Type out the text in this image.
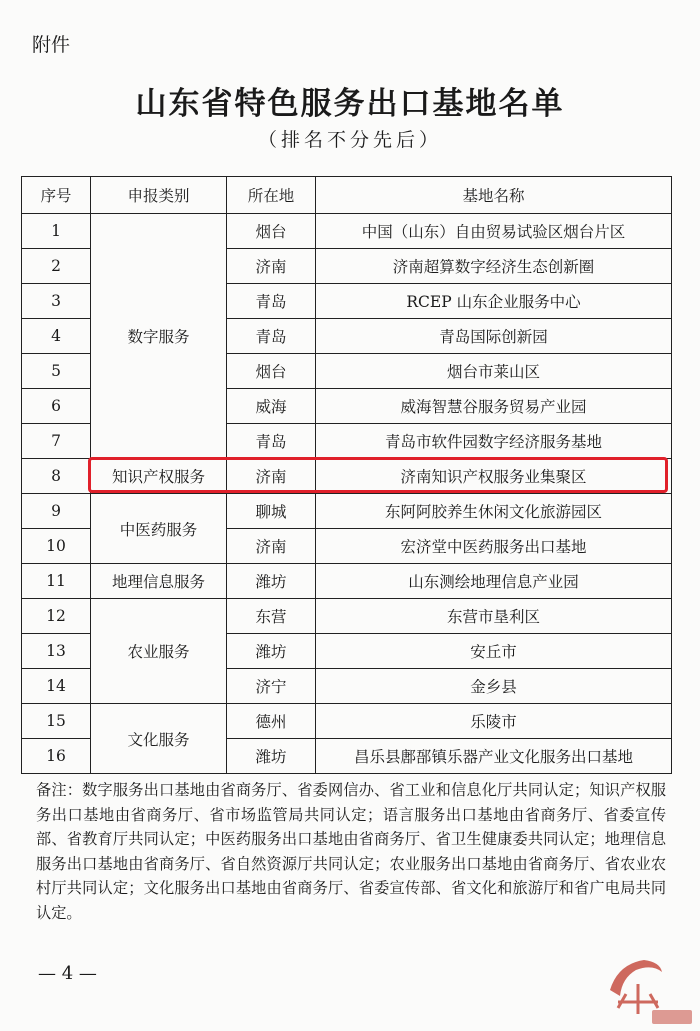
附件
山东省特色服务出口基地名单
（排名不分先后）
序号	申报类别	所在地	基地名称
1	数字服务	烟台	中国（山东）自由贸易试验区烟台片区
2		济南	济南超算数字经济生态创新圈
3		青岛	RCEP 山东企业服务中心
4		青岛	青岛国际创新园
5		烟台	烟台市莱山区
6		威海	威海智慧谷服务贸易产业园
7		青岛	青岛市软件园数字经济服务基地
8	知识产权服务	济南	济南知识产权服务业集聚区
9	中医药服务	聊城	东阿阿胶养生休闲文化旅游园区
10		济南	宏济堂中医药服务出口基地
11	地理信息服务	潍坊	山东测绘地理信息产业园
12	农业服务	东营	东营市垦利区
13		潍坊	安丘市
14		济宁	金乡县
15	文化服务	德州	乐陵市
16		潍坊	昌乐县鄌郚镇乐器产业文化服务出口基地
备注：数字服务出口基地由省商务厅、省委网信办、省工业和信息化厅共同认定；知识产权服务出口基地由省商务厅、省市场监管局共同认定；语言服务出口基地由省商务厅、省委宣传部、省教育厅共同认定；中医药服务出口基地由省商务厅、省卫生健康委共同认定；地理信息服务出口基地由省商务厅、省自然资源厅共同认定；农业服务出口基地由省商务厅、省农业农村厅共同认定；文化服务出口基地由省商务厅、省委宣传部、省文化和旅游厅和省广电局共同认定。
— 4 —
